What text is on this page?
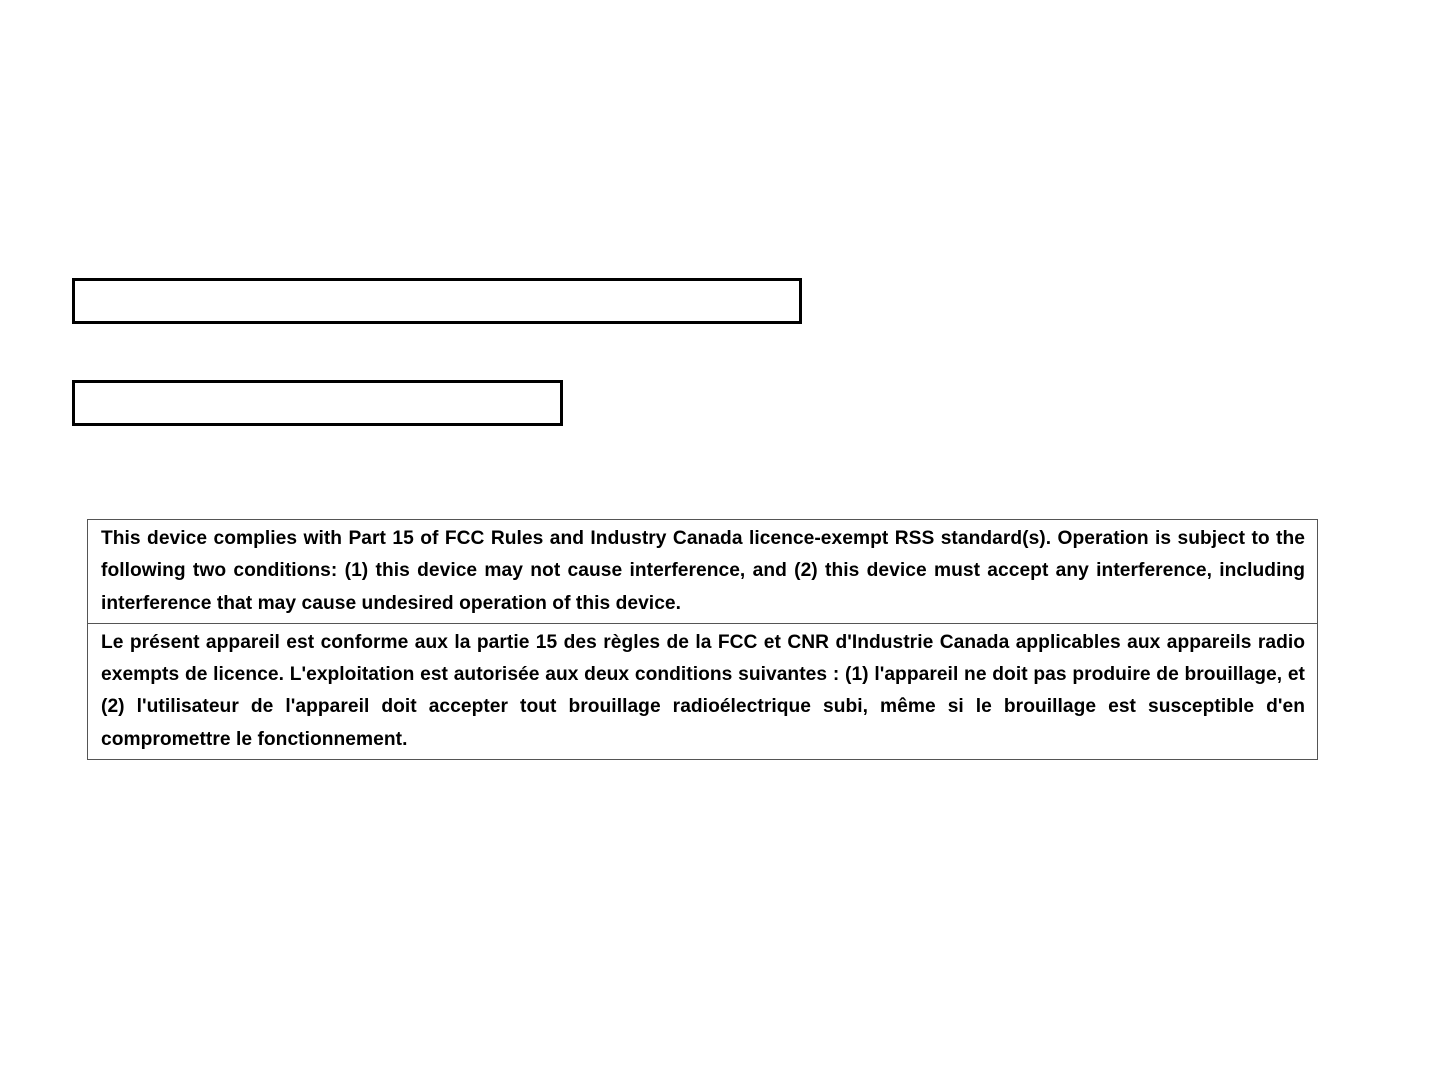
This device complies with Part 15 of FCC Rules and Industry Canada licence-exempt RSS standard(s). Operation is subject to the following two conditions: (1) this device may not cause interference, and (2) this device must accept any interference, including interference that may cause undesired operation of this device.
Le présent appareil est conforme aux la partie 15 des règles de la FCC et CNR d'Industrie Canada applicables aux appareils radio exempts de licence. L'exploitation est autorisée aux deux conditions suivantes : (1) l'appareil ne doit pas produire de brouillage, et (2) l'utilisateur de l'appareil doit accepter tout brouillage radioélectrique subi, même si le brouillage est susceptible d'en compromettre le fonctionnement.
